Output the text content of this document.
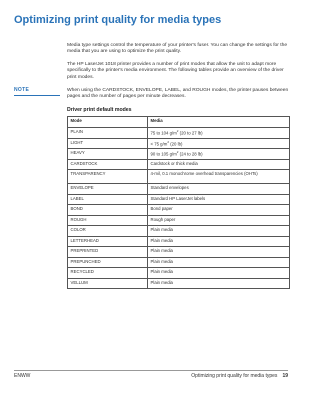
Optimizing print quality for media types

Media type settings control the temperature of your printer's fuser. You can change the settings for the media that you are using to optimize the print quality.

The HP LaserJet 1018 printer provides a number of print modes that allow the unit to adapt more specifically to the printer's media environment. The following tables provide an overview of the driver print modes.

NOTE	When using the CARDSTOCK, ENVELOPE, LABEL, and ROUGH modes, the printer pauses between pages and the number of pages per minute decreases.

Driver print default modes
Mode	Media
PLAIN	75 to 104 $g/m^2$ (20 to 27 lb)
LIGHT	< 75 $g/m^2$ (20 lb)
HEAVY	90 to 105 $g/m^2$ (24 to 28 lb)
CARDSTOCK	Cardstock or thick media
TRANSPARENCY	4-mil, 0.1 monochrome overhead transparencies (OHTs)
ENVELOPE	Standard envelopes
LABEL	Standard HP LaserJet labels
BOND	Bond paper
ROUGH	Rough paper
COLOR	Plain media
LETTERHEAD	Plain media
PREPRINTED	Plain media
PREPUNCHED	Plain media
RECYCLED	Plain media
VELLUM	Plain media
ENWW	Optimizing print quality for media types 19
